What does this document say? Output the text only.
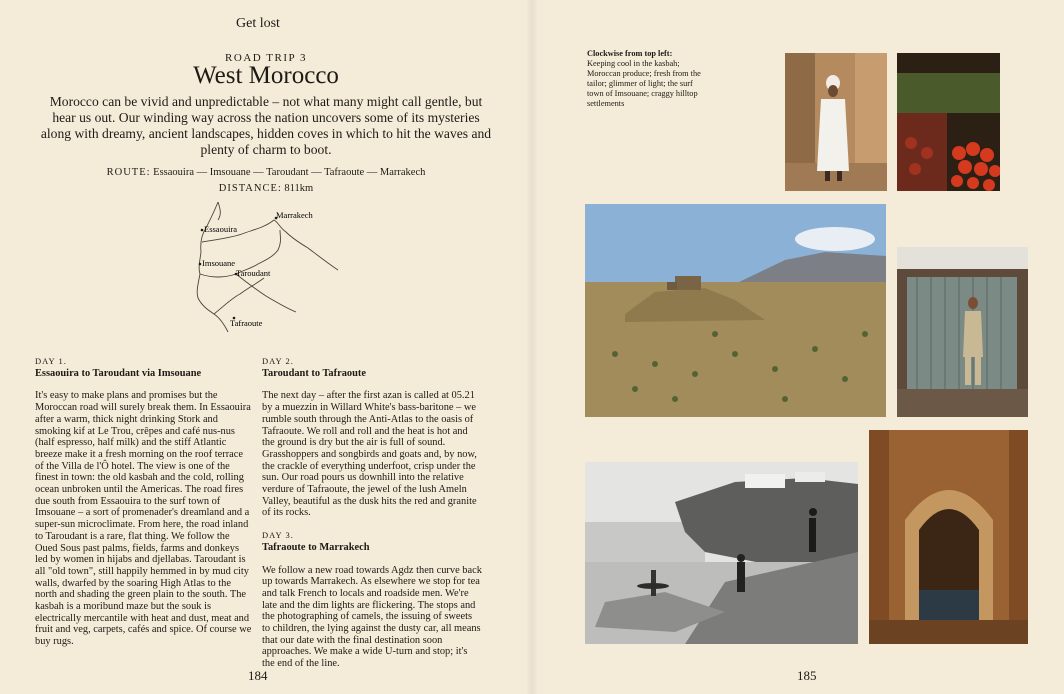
Get lost
ROAD TRIP 3
West Morocco

Morocco can be vivid and unpredictable – not what many might call gentle, but hear us out. Our winding way across the nation uncovers some of its mysteries along with dreamy, ancient landscapes, hidden coves in which to hit the waves and plenty of charm to boot.

ROUTE: Essaouira — Imsouane — Taroudant — Tafraoute — Marrakech
DISTANCE: 811km
Marrakech
Essaouira
Imsouane
Taroudant
Tafraoute

DAY 1.

Essaouira to Taroudant via Imsouane

It's easy to make plans and promises but the Moroccan road will surely break them. In Essaouira after a warm, thick night drinking Stork and smoking kif at Le Trou, crêpes and café nus-nus (half espresso, half milk) and the stiff Atlantic breeze make it a fresh morning on the roof terrace of the Villa de l'Ô hotel. The view is one of the finest in town: the old kasbah and the cold, rolling ocean unbroken until the Americas. The road fires due south from Essaouira to the surf town of Imsouane – a sort of promenader's dreamland and a super-sun microclimate. From here, the road inland to Taroudant is a rare, flat thing. We follow the Oued Sous past palms, fields, farms and donkeys led by women in hijabs and djellabas. Taroudant is all "old town", still happily hemmed in by mud city walls, dwarfed by the soaring High Atlas to the north and shading the green plain to the south. The kasbah is a moribund maze but the souk is electrically mercantile with heat and dust, meat and fruit and veg, carpets, cafés and spice. Of course we buy rugs.

DAY 2.

Taroudant to Tafraoute

The next day – after the first azan is called at 05.21 by a muezzin in Willard White's bass-baritone – we rumble south through the Anti-Atlas to the oasis of Tafraoute. We roll and roll and the heat is hot and the ground is dry but the air is full of sound. Grasshoppers and songbirds and goats and, by now, the crackle of everything underfoot, crisp under the sun. Our road pours us downhill into the relative verdure of Tafraoute, the jewel of the lush Ameln Valley, beautiful as the dusk hits the red and granite of its rocks.

DAY 3.

Tafraoute to Marrakech

We follow a new road towards Agdz then curve back up towards Marrakech. As elsewhere we stop for tea and talk French to locals and roadside men. We're late and the dim lights are flickering. The stops and the photographing of camels, the issuing of sweets to children, the lying against the dusty car, all means that our date with the final destination soon approaches. We make a wide U-turn and stop; it's the end of the line.

184
Clockwise from top left:
Keeping cool in the kasbah; Moroccan produce; fresh from the tailor; glimmer of light; the surf town of Imsouane; craggy hilltop settlements
185
